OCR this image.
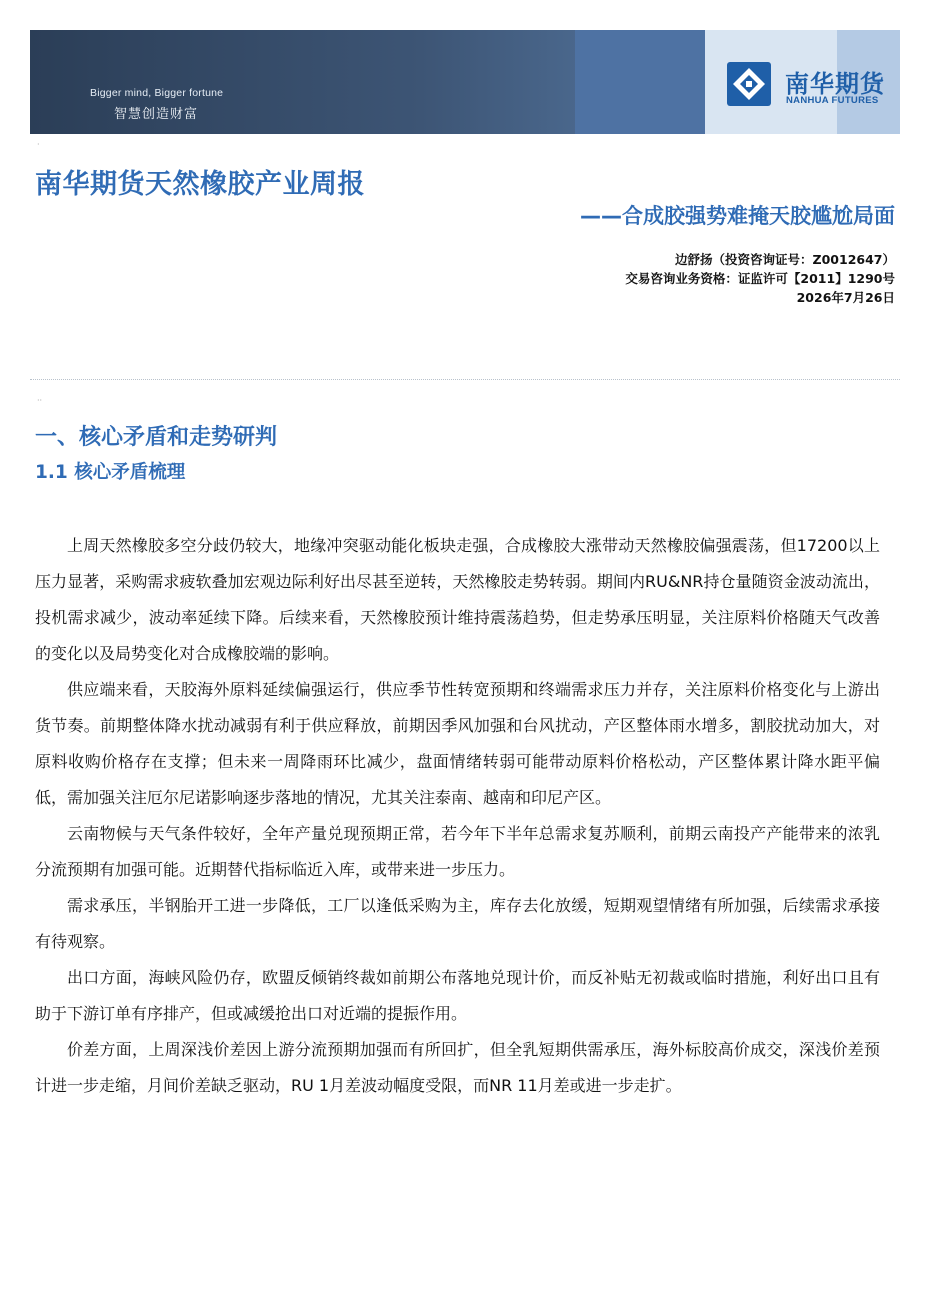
Bigger mind, Bigger fortune
智慧创造财富
南华期货
NANHUA FUTURES
·
南华期货天然橡胶产业周报
——合成胶强势难掩天胶尴尬局面
边舒扬（投资咨询证号：Z0012647）
交易咨询业务资格：证监许可【2011】1290号
2026年7月26日
··
一、核心矛盾和走势研判
1.1 核心矛盾梳理

上周天然橡胶多空分歧仍较大，地缘冲突驱动能化板块走强，合成橡胶大涨带动天然橡胶偏强震荡，但17200以上压力显著，采购需求疲软叠加宏观边际利好出尽甚至逆转，天然橡胶走势转弱。期间内RU&NR持仓量随资金波动流出，投机需求减少，波动率延续下降。后续来看，天然橡胶预计维持震荡趋势，但走势承压明显，关注原料价格随天气改善的变化以及局势变化对合成橡胶端的影响。

供应端来看，天胶海外原料延续偏强运行，供应季节性转宽预期和终端需求压力并存，关注原料价格变化与上游出货节奏。前期整体降水扰动减弱有利于供应释放，前期因季风加强和台风扰动，产区整体雨水增多，割胶扰动加大，对原料收购价格存在支撑；但未来一周降雨环比减少，盘面情绪转弱可能带动原料价格松动，产区整体累计降水距平偏低，需加强关注厄尔尼诺影响逐步落地的情况，尤其关注泰南、越南和印尼产区。

云南物候与天气条件较好，全年产量兑现预期正常，若今年下半年总需求复苏顺利，前期云南投产产能带来的浓乳分流预期有加强可能。近期替代指标临近入库，或带来进一步压力。

需求承压，半钢胎开工进一步降低，工厂以逢低采购为主，库存去化放缓，短期观望情绪有所加强，后续需求承接有待观察。

出口方面，海峡风险仍存，欧盟反倾销终裁如前期公布落地兑现计价，而反补贴无初裁或临时措施，利好出口且有助于下游订单有序排产，但或减缓抢出口对近端的提振作用。

价差方面，上周深浅价差因上游分流预期加强而有所回扩，但全乳短期供需承压，海外标胶高价成交，深浅价差预计进一步走缩，月间价差缺乏驱动，RU 1月差波动幅度受限，而NR 11月差或进一步走扩。
